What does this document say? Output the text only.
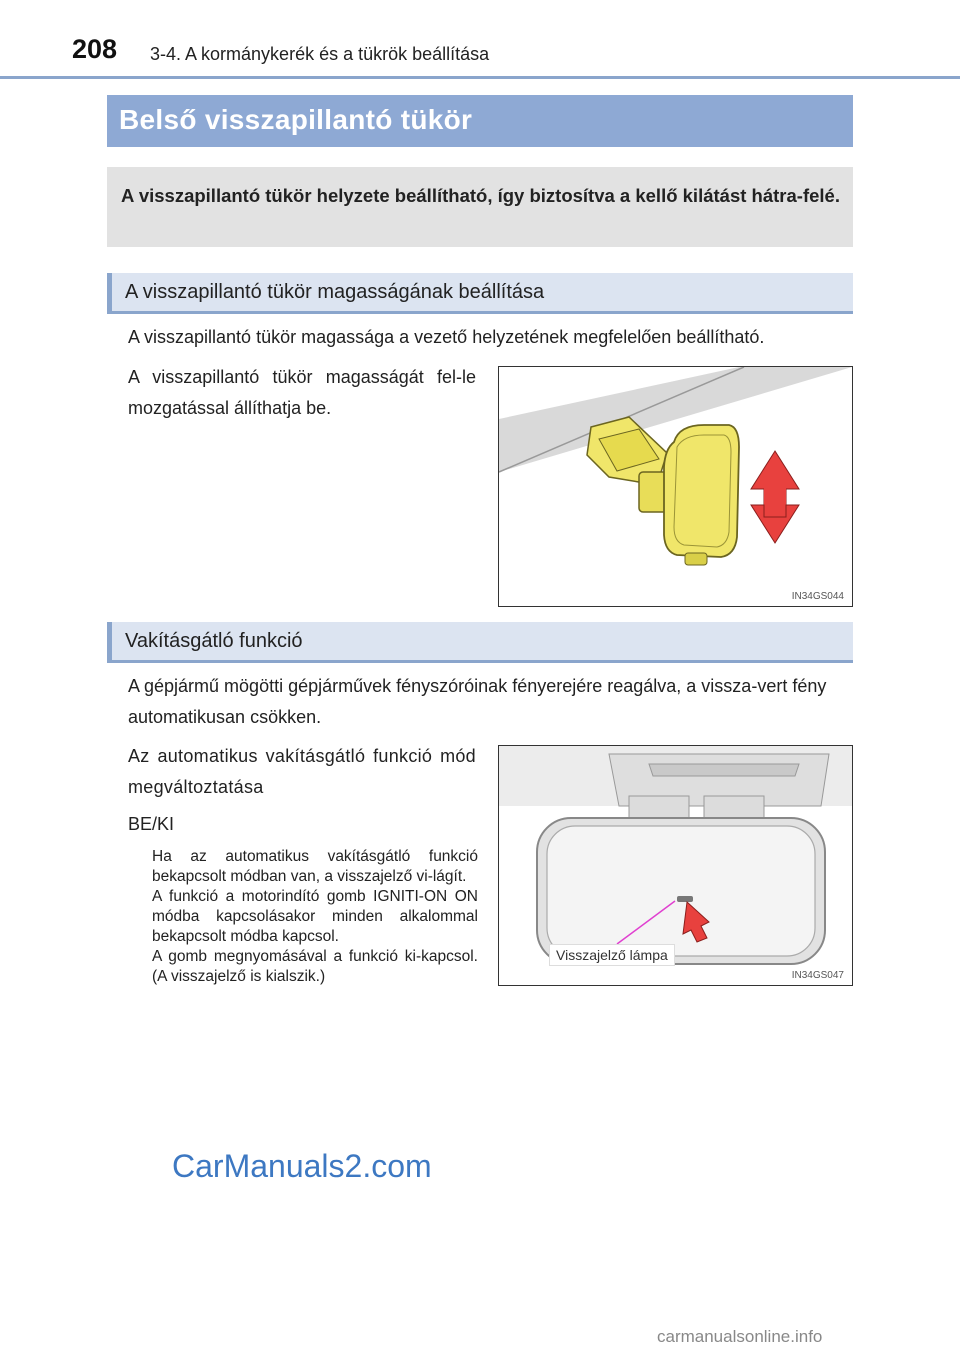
208 3-4. A kormánykerék és a tükrök beállítása
Belső visszapillantó tükör
A visszapillantó tükör helyzete beállítható, így biztosítva a kellő kilátást hátra-felé.
A visszapillantó tükör magasságának beállítása
A visszapillantó tükör magassága a vezető helyzetének megfelelően beállítható.
A visszapillantó tükör magasságát fel-le mozgatással állíthatja be.
IN34GS044
Vakításgátló funkció
A gépjármű mögötti gépjárművek fényszóróinak fényerejére reagálva, a vissza-vert fény automatikusan csökken.
Az automatikus vakításgátló funkció mód megváltoztatása
BE/KI
Ha az automatikus vakításgátló funkció bekapcsolt módban van, a visszajelző vi-lágít.
A funkció a motorindító gomb IGNITI-ON ON módba kapcsolásakor minden alkalommal bekapcsolt módba kapcsol.
A gomb megnyomásával a funkció ki-kapcsol. (A visszajelző is kialszik.)
Visszajelző lámpa
IN34GS047
CarManuals2.com
carmanualsonline.info
